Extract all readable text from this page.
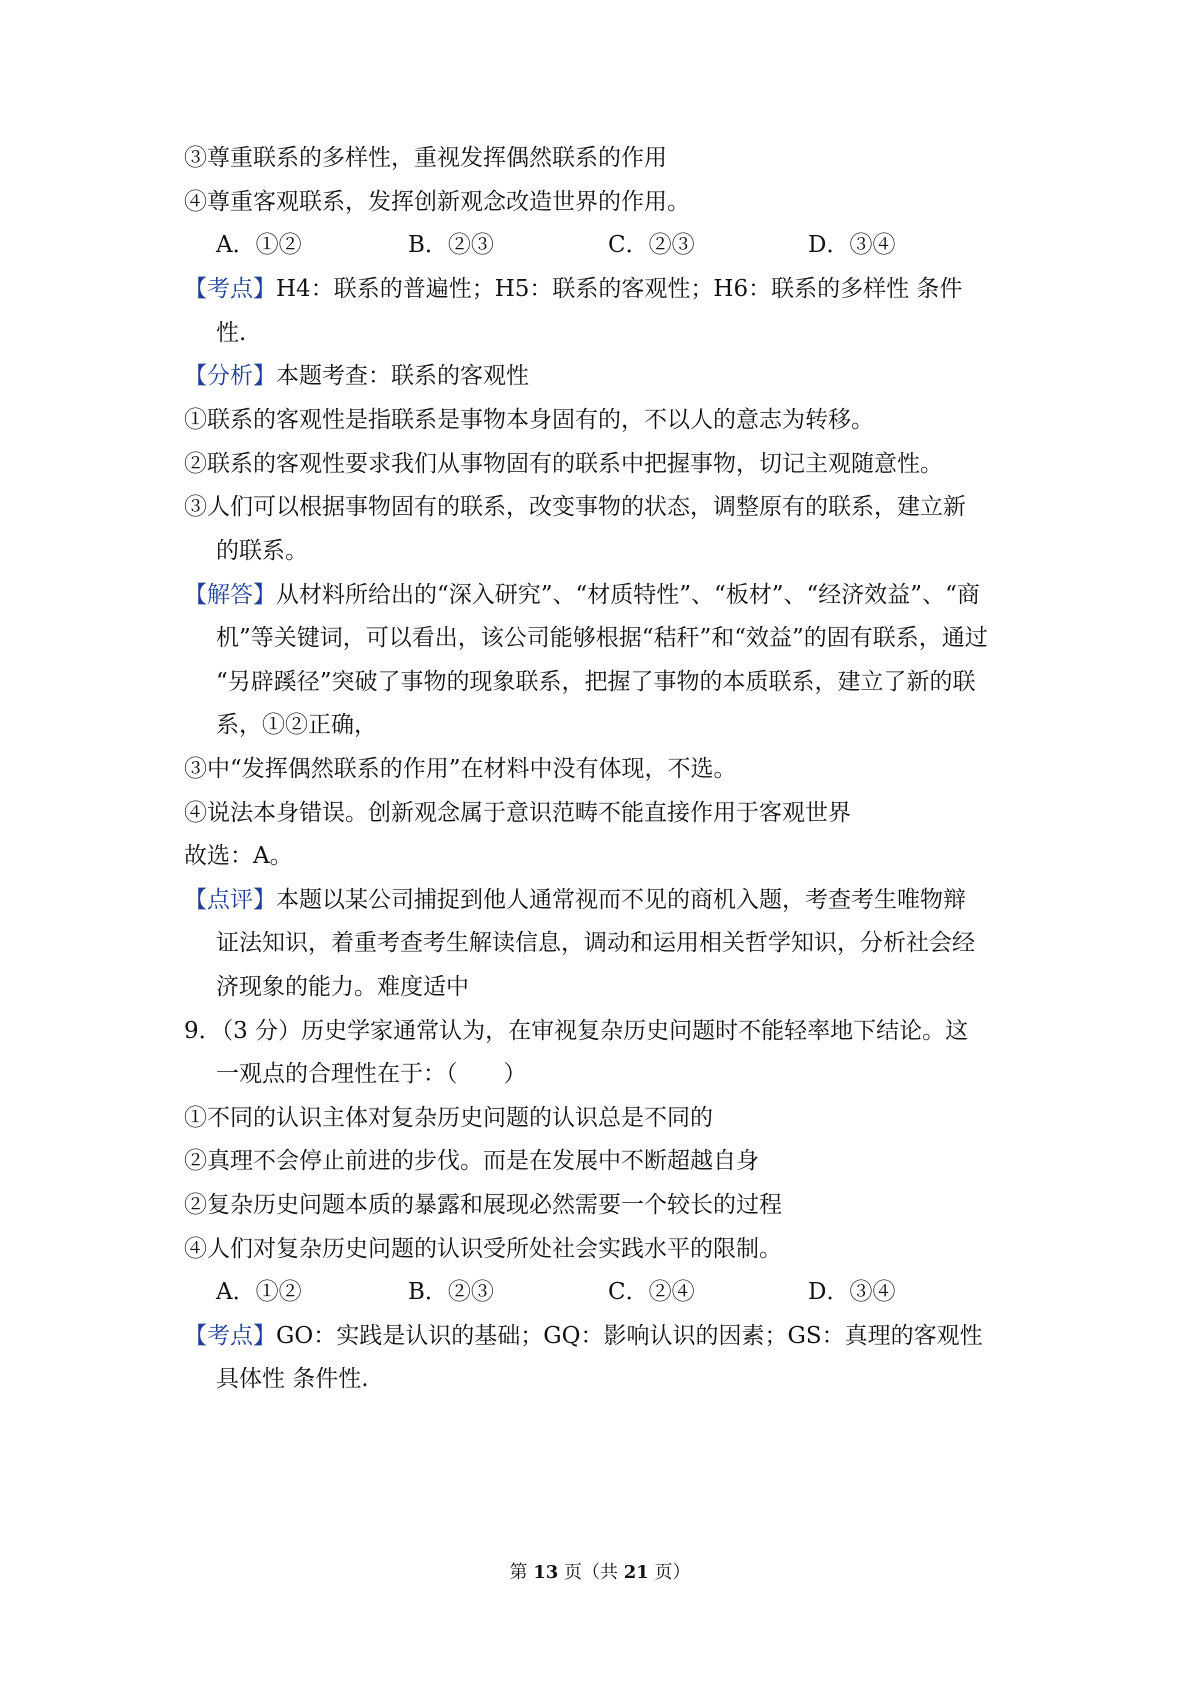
③尊重联系的多样性，重视发挥偶然联系的作用
④尊重客观联系，发挥创新观念改造世界的作用。
A．①②	B．②③	C．②③	D．③④
【考点】H4：联系的普遍性；H5：联系的客观性；H6：联系的多样性 条件
性.
【分析】本题考查：联系的客观性
①联系的客观性是指联系是事物本身固有的，不以人的意志为转移。
②联系的客观性要求我们从事物固有的联系中把握事物，切记主观随意性。
③人们可以根据事物固有的联系，改变事物的状态，调整原有的联系，建立新
的联系。
【解答】从材料所给出的“深入研究”、“材质特性”、“板材”、“经济效益”、“商
机”等关键词，可以看出，该公司能够根据“秸秆”和“效益”的固有联系，通过
“另辟蹊径”突破了事物的现象联系，把握了事物的本质联系，建立了新的联
系，①②正确，
③中“发挥偶然联系的作用”在材料中没有体现，不选。
④说法本身错误。创新观念属于意识范畴不能直接作用于客观世界
故选：A。
【点评】本题以某公司捕捉到他人通常视而不见的商机入题，考查考生唯物辩
证法知识，着重考查考生解读信息，调动和运用相关哲学知识，分析社会经
济现象的能力。难度适中
9．（3 分）历史学家通常认为，在审视复杂历史问题时不能轻率地下结论。这
一观点的合理性在于：（　　）
①不同的认识主体对复杂历史问题的认识总是不同的
②真理不会停止前进的步伐。而是在发展中不断超越自身
②复杂历史问题本质的暴露和展现必然需要一个较长的过程
④人们对复杂历史问题的认识受所处社会实践水平的限制。
A．①②	B．②③	C．②④	D．③④
【考点】GO：实践是认识的基础；GQ：影响认识的因素；GS：真理的客观性
具体性 条件性.
第 13 页（共 21 页）
